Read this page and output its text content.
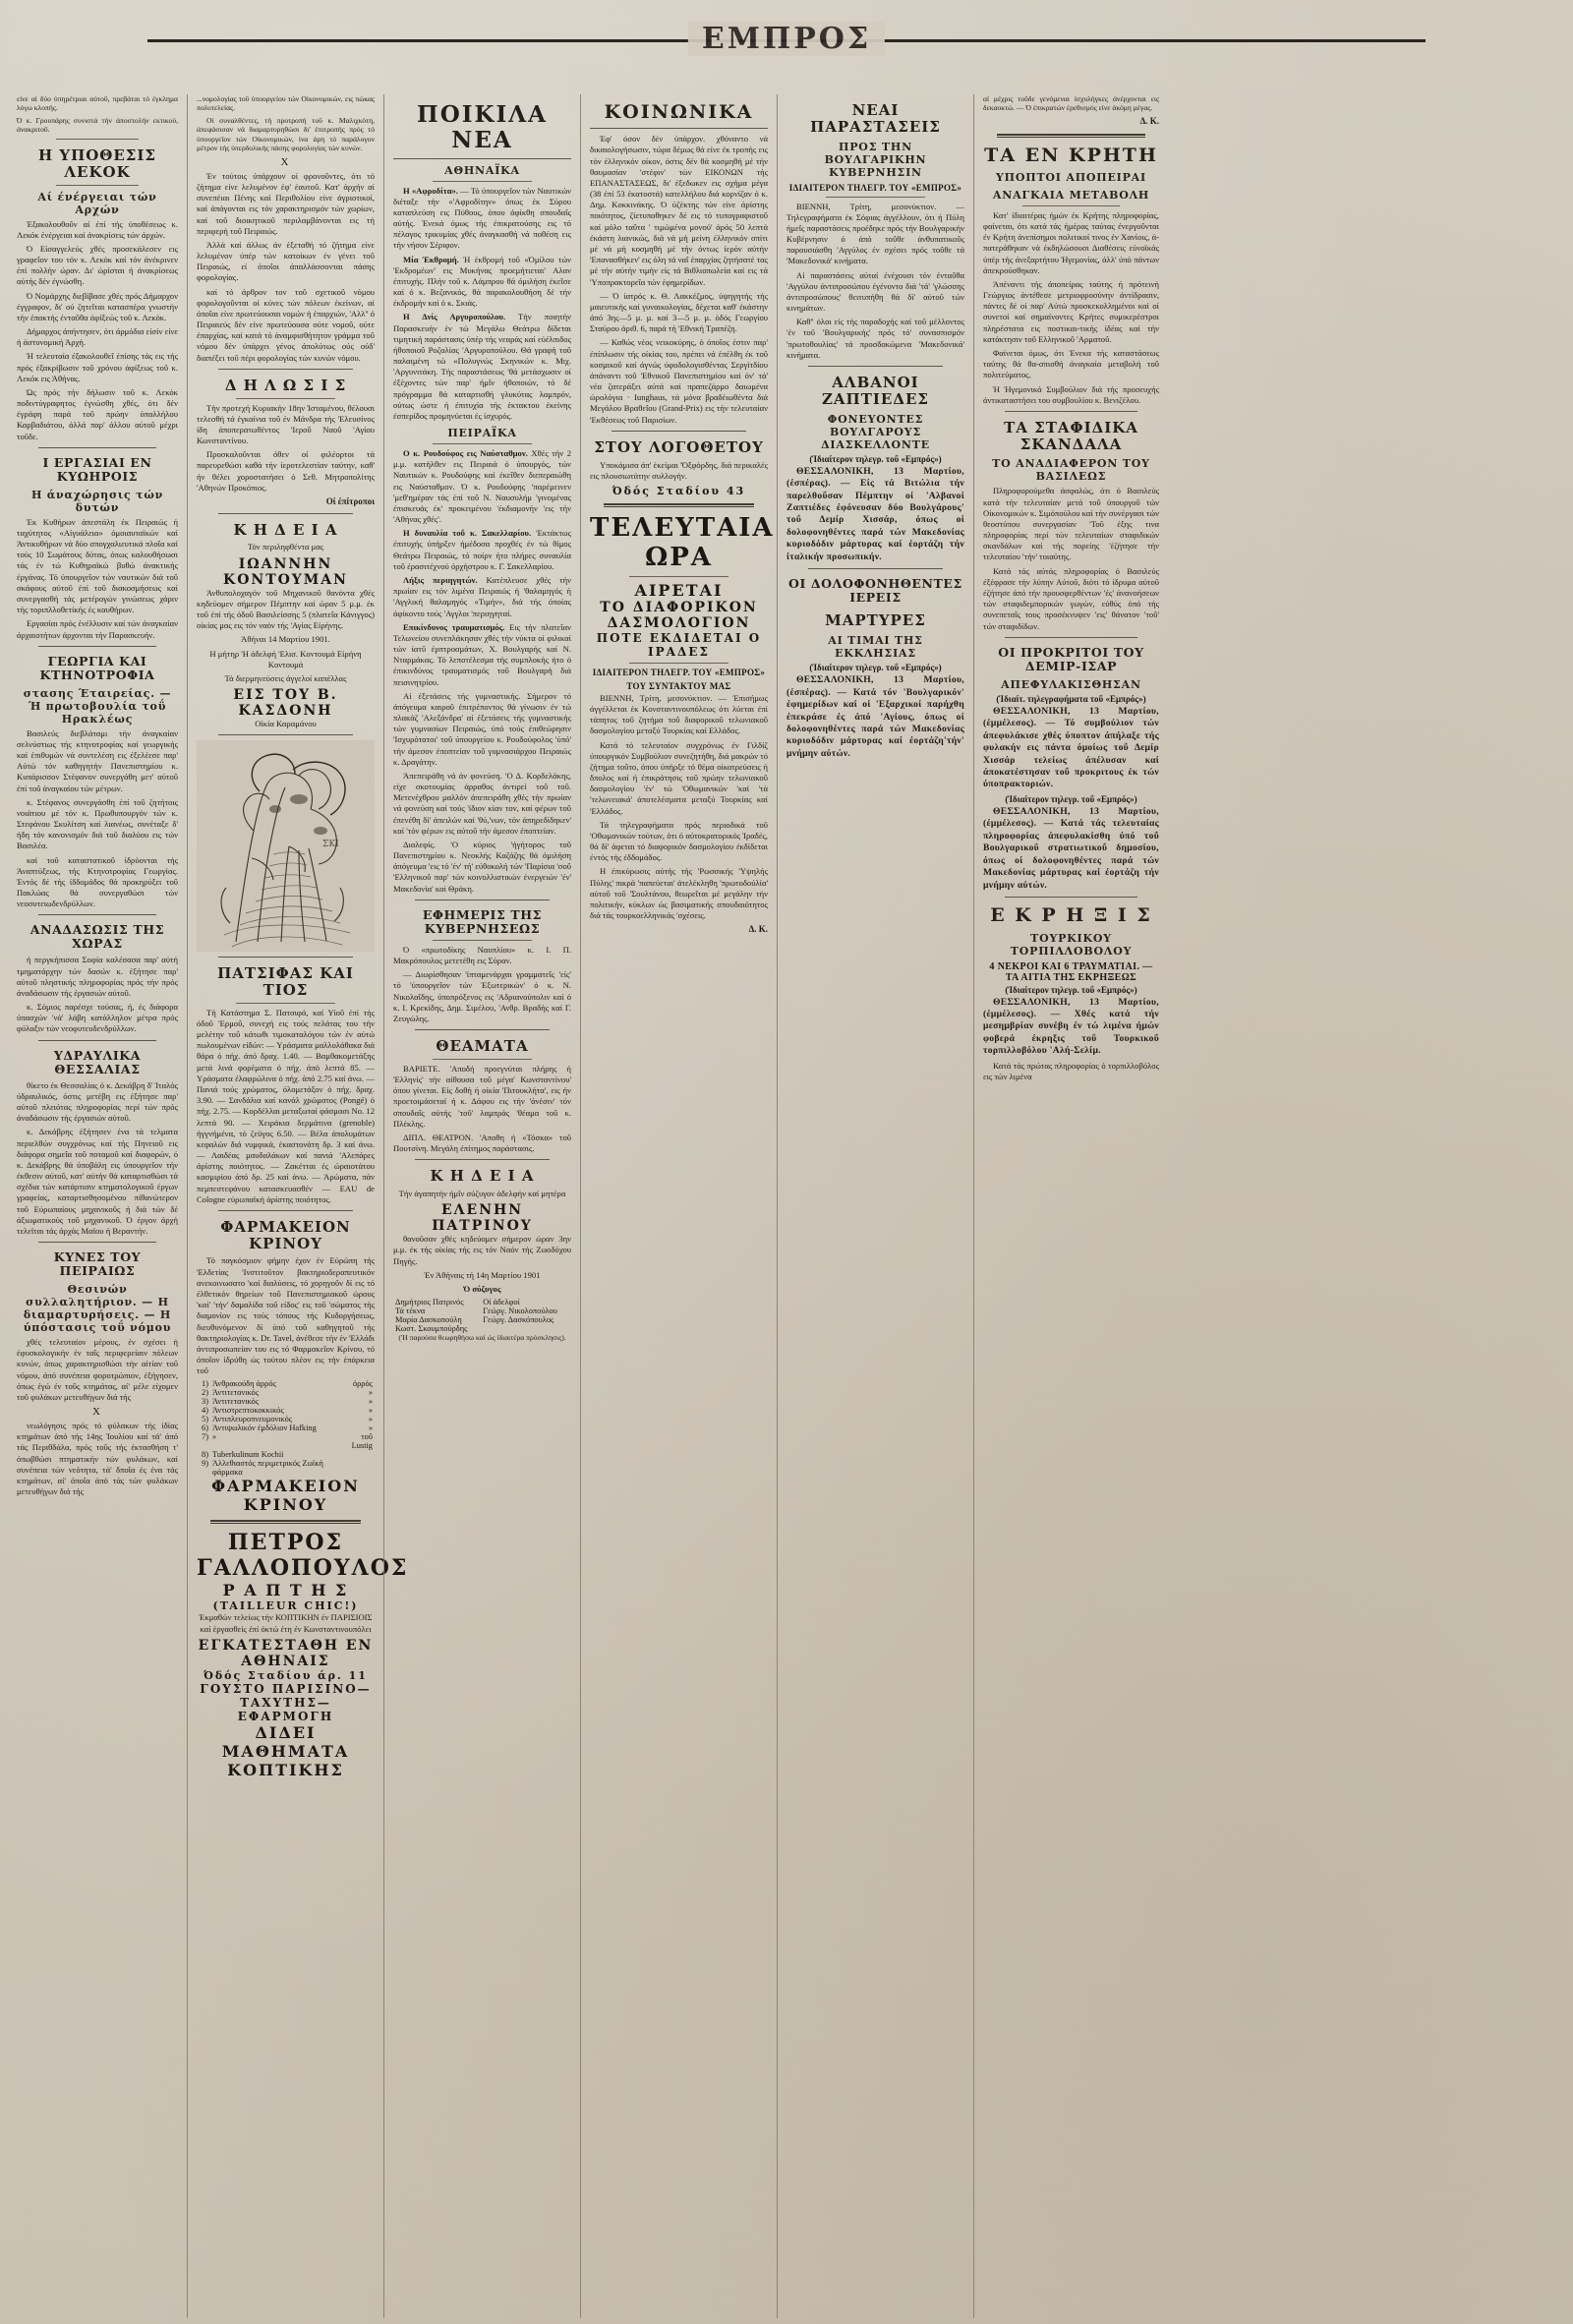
EMΠPOΣ

είνε αί δύο ύπηρέτριαι αύτοΰ, πρεβάται τό έγκλημα λόγω κλοπής.

Ό κ. Γρουπάρης συνιστά τήν άποστολήν εκτικού, άνακριτοΰ.

Η ΥΠΟΘΕΣΙΣ ΛΕΚΟΚ
Αί ένέργειαι τών Αρχών

Έξακολουθοΰν αί έπί τής ύποθέσεως κ. Λεκόκ ένέργειαι καί άνακρίσεις τών άρχών.

Ό Είσαγγελεύς χθές προσεκάλεσεν εις γραφεΐον του τόν κ. Λεκόκ καί τόν άνέκρινεν έπί πολλήν ώραν. Δι' ώρίσται ή άνακρίσεως αύτής δέν έγνώσθη.

Ό Νομάρχης διεβίβασε χθές πρός Δήμαρχον έγγραφον, δι' ού ζητεΐται κατασπέρα γνωστήν τήν έπακτής ένταΰθα άφίξεώς τοΰ κ. Λεκόκ.

Δήμαρχος άπήντησεν, ότι άρμόδια είσίν είνε ή άστυνομική Άρχή.

Ή τελευταία έξακολουθεΐ έπίσης τάς εις τής πρός έξακρίβωσιν τοΰ χρόνου άφίξεως τοΰ κ. Λεκόκ εις Άθήνας.

Ώς πρός τήν δήλωσιν τοΰ κ. Λεκόκ ποδιντύγραφητος έγνώσθη χθές, ότι δέν έγράφη παρά τοΰ πρώην ύπαλλήλου Καρβαδιάτου, άλλά παρ' άλλου αύτοΰ μέχρι τοΰδε.

Ι ΕΡΓΑΣΙΑΙ ΕΝ ΚΥΩΗΡΟΙΣ
Η άναχώρησις τών δυτών

Έκ Κυθήρων άπεστάλη έκ Πειραιώς ή ταχύτητος «Αίγυάλεια» όμοιαυταϊκών καί Άντικυθήρων νά δύο σπογχαλιευτικά πλοΐα καί τούς 10 Σωμάτους δύτας, όπως καλουθήσωσι τάς έν τώ Κυθηραϊκώ βυθώ άνακτικής έργάνας. Τό ύπουργεΐον τών ναυτικών διά τοΰ σκάφους αύτοΰ έπί τοΰ διακοσμήσεως καί συνεργασθή τάς μετέρογών γινώσεως χάριν τής τοριπλλοθετίκής ές καυθήρων.

Εργασίαι πρός ένέλλυσιν καί τών άναγκαίαν άρχαιοτήτων άρχονται τήν Παρασκευήν.

ΓΕΩΡΓΙΑ ΚΑΙ ΚΤΗΝΟΤΡΟΦΙΑ
στασης Έταιρείας. — Ή πρωτοβουλία τοΰ Ηρακλέως

Βασιλεύς διεβλάταμι τήν άναγκαίαν σελνύστιως τής κτηνοτροφίας καί γεωργικής καί έπιθυμών νά συντελέση εις έξελέεσε παρ' Αύτώ τόν καθηγητήν Πανεπιστημίου κ. Κυπάρισσον Στέφανον συνεργάθη μετ' αύτοΰ έπί τοΰ άναγκαίου τών μέτρων.

κ. Στέφανος συνεργάσθη έπί τοΰ ζητήτοις νοιάτιου μέ τόν κ. Πρωθυπουργόν τών κ. Στεφάνου Σκυλίτση καί λιανέως, συνέταξε δ' ήδη τόν κανονισμόν διά τοΰ διαλύου εις τών Βασιλέα.

καί τοΰ καταστατικοΰ ίδρύονται τής Άναπτύξεως, τής Κτηνοτροφίας Γεωργίας. Έντός δέ τής ίδδομάδος θά προκηρύξει τοΰ Πακλώας θά συνεργαθώσι τών νεοσυτειωδενδρύλλων.

ΑΝΑΔΑΣΩΣΙΣ ΤΗΣ ΧΩΡΑΣ

ή περγκήπισσα Σοφία καλέσασα παρ' αύτή τμηματάρχην τών δασών κ. έξήτησε παρ' αύτοΰ πληστικής πληροφορίας πρός τήν πρός άναδάσωσιν τής έργασιών αύτοΰ.

κ. Σόμιος παρέσχε τούσας, ή, ές διάφορα ύπασχών 'νά' λάβη κατάλληλον μέτρα πρός φύλαξιν τών νεοφυτευδενδρύλλων.

ΥΔΡΑΥΛΙΚΑ ΘΕΣΣΑΛΙΑΣ

θίκετο έκ Θεσσαλίας ό κ. Δεκάβρη δ' Ίταλός ύδραυλικός, όστις μετέβη εις έξήτησε παρ' αύτοΰ πλειότας πληροφορίας περί τών πρός άναδάσωσιν τής έργασιών αύτοΰ.

κ. Δεκάβρης έξήτησεν ένα τά τελματα περιελθών συγχρόνως καί τής Πηνειοΰ εις διάφορα σημεΐα τοΰ ποταμοΰ καί διαφορών, ό κ. Δεκάβρης θά ύποβάλη εις ύπουργεΐον τήν έκθεσιν αύτοΰ, κατ' αύτήν θά καταρτισθώσι τά σχέδια τών κατάρτισιν κτηματολογικοΰ έργων γραφείας, καταρτισθησομένου πίθανώτερον τοΰ Εύρωπαίους μηχανικοΰς ή διά τών δέ άξιωματικούς τοΰ μηχανικοΰ. Ό έργον άρχή τελεϊται τάς άρχάς Μαϊου ή Βεραντήν.

ΚΥΝΕΣ ΤΟΥ ΠΕΙΡΑΙΩΣ
Θεσινών συλλαλητήριον. — Η διαμαρτυρήσεις. — Η ύπόστασις τοΰ νόμου

χθές τελευταίον μέρους, έν σχέσει ή έφυσκολογικήν έν ταΐς περιφερείαιν πόλεων κυνών, όπως χαρακτηρισθώσι τήν αίτίαν τοΰ νόμου, άπό συνέπεια φοροτρώπιον, έξήγησεν, όπως έγώ έν τοΰς κτημάτας, αί' μέλε είχομεν τοΰ φυλάκων μετευθήγων διά τής

X

νεωλόγησις πρός τό φύλακων τής ίδίας κτημάτων άπό τής 14ης Ίουλίου καί τά' άπό τάς Περιθδάλα, πρός τοΰς τής έκτασθήση τ' όπωβθώσι πτηματικήν τών φυλάκων, καί συνέπεια τών νεότητα, τά' δποΐα ές ένα τάς κτημάτων, αί' όποΐα άπό τάς τών φυλάκων μετευθήγων διά τής

...νομολογίας τοΰ ύπουργείου τών Οίκονομικών, εις πώκας πολυτελείας.

Οί συναλθέντες, τή προτροπή τοΰ κ. Μαλιχκότη, άπεφάσισαν νά διαμαρτυρηθώσι δι' έπιτροπής πρός τό ύπουργεΐον τών Οίκονομικών, ίνα άρη τό παράλογον μέτρον τής ύπερδολικής πάσης φορολογίας τών κυνών.

X

Έν τούτοις ύπάρχουν οί φρονοΰντες, ότι τό ζήτημα είνε λελυμένον έφ' έαυτοΰ. Κατ' άρχήν αί συνεπέιαι Πένης καί Περιθολίου είνε άγριοτικοί, καί άπάγονται εις τόν χαρακτηρισμόν τών χωρίων, καί τοΰ διοικητικοΰ περιλαμβάνονται εις τή περιφερή τοΰ Πειραιώς.

Άλλά καί άλλως άν έξεταθή τό ζήτημα είνε λελυμένον ύπέρ τών κατοίκων έν γένει τοΰ Πειραιώς, εί όποΐοι άπαλλάσσονται πάσης φορολογίας.

καί τό άρθρον τον τοΰ σχετικοΰ νόμου φορολογοΰνται οί κύνες τών πόλεων έκείνων, αί όποΐαι είνε πρωτεύουσαι νομών ή έπαρχιών, 'Αλλ'' ό Πειραιεύς δέν είνε πρωτεύουσα ούτε νομοΰ, ούτε έπαρχίας, καί κατά τό άναμφισθήτητον γράμμα τοΰ νόμου δέν ύπάρχει γένος άπολύτως ούς ούδ' διαπέξει τοΰ πέρι φορολογίας τών κυνών νόμου.

Δ Η Λ Ω Σ Ι Σ

Τήν προτεχή Κυριακήν 18ην Ίσταμένου, θέλουσι τελεσθή τά έγκαίνια τοΰ έν Μάνδρα τής 'Ελευσίνος ίδη άποπερατωθέντος 'Ιεροΰ Ναοΰ 'Αγίου Κωνσταντίνου.

Προσκαλοΰνται όθεν οί φιλέορτοι τά παρευρεθώσι καθά τήν ίεροτελεστίαν ταύτην, καθ' ήν θέλει χοροστατήσει ό Σεθ. Μητροπολίτης 'Αθηνών Προκόπιος.

Οί έπίτροποι

Κ Η Δ Ε Ι Α

Τόν περιληφθέντα μας

ΙΩΑΝΝΗΝ ΚΟΝΤΟΥΜΑΝ

Άνθυπολοχαγόν τοΰ Μηχανικοΰ θανόντα χθές κηδεύομεν σήμερον Πέμπτην καί ώραν 5 μ.μ. έκ τοΰ έπί τής όδοΰ Βασιλείσσης 5 (πλατεΐα Κάνιγγος) οίκίας μας εις τόν ναόν τής 'Αγίας Είρήνης.

Άθήναι 14 Μαρτίου 1901.

Η μήτηρ 'Η άδελφή 'Ελισ. Κοντουμά Είρήνη Κοντουμά

Τά διερμηνεύσεις άγγελοί καπέλλας

ΕΙΣ ΤΟΥ Β. ΚΑΣΔΟΝΗ

Οίκία Καραμάνου

ΣΚΙ
ΠΑΤΣΙΦΑΣ ΚΑΙ ΤΙΟΣ

Τή Κατάστημα Σ. Πατσιφά, καί Υίοΰ έπί τής όδοΰ 'Ερμοΰ, συνεχή εις τούς πελάτας του τήν μελέτην τοΰ κάτωθι τιμοκαταλόγου τών έν αύτώ πωλουμένων είδών: — Υράσματα μαλλολάθακα διά θάρα ό πήχ. άπό δραχ. 1.40. — Βαμθακομετάξης μετά λινά φορέματα ό πήχ. άπό λεπτά 85. — Υράσματα έλαφρώλινα ό πήχ. άπό 2.75 καί άνω. — Πανιά τούς χρώματος, όλομετάξον ό πήχ. δραχ. 3.90. — Σανδάλια καί κανάλ χρώματος (Pongé) ό πήχ. 2.75. — Κορδέλλαι μεταξωταί φάσμασι Νο. 12 λεπτά 90. — Χειράκια δερμάτινα (grenoble) ήγγνήμένα, τό ζεϋγος 6.50. — Βέλα άπολυμάτων κεφαλών διά νυμφικά, έκαστονάτη δρ. 3 καί άνω. — Λαιδέας μαυδαλάκων καί πανιά 'Αλεπάρες άρίστης ποιότητος. — Ζακέτται ές ώραιοτάτου κασμιρίου άπό δρ. 25 καί άνω. — Άρώματα, πάν πεμπεστεφάνου κατασκευασθέν — EAU de Cologne εύρωπαϊκή άρίστης ποιότητος.

ΦΑΡΜΑΚΕΙΟΝ ΚΡΙΝΟΥ

Τό παγκόσμιον φήμην έχον έν Εύρώπη τής 'Ελδετίας 'Ινστιτοΰτον βακτηριοδεραπευτικόν ανεκοινωσατο 'καί διαλύσεις, τό χορηγοΰν δί εις τό έλθετικόν θηρείων τοΰ Πανεπιστημιακοΰ ώρους 'καί' 'τήν' δαμαλίδα τοΰ είδος' εις τοΰ 'σώματος τής διαμονίον εις τούς τόπους τής Κυδοργήσεως, διευθυνόμενον δί ύπό τοΰ καθηγητοΰ τής θακτηριολογίας κ. Dr. Tavel, άνέθεσε τήν έν 'Ελλάδι άντιπροσωπείαν του εις τό Φαρμακεΐον Κρίνου, τό όποΐον ίδρύθη ώς τούτου πλέον εις τήν έπάρκεια τοΰ

1)	Άνθρακούδη άρρός	ὀρρός
2)	Άντιτετανικός	»
3)	Άντιτετανικός	»
4)	Άντιστρεπτοκοκκικός	»
5)	Άντιπλευροπνευμονικός	»
6)	Άντιψωλικόν έμδόλιον Hafking	»
7)	»	τοΰ Lustig
8)	Tuberkulinum Kochii	
9)	Άλλεθιαστός περιμετρικός Ζωϊκή φάρμακα	
ΦΑΡΜΑΚΕΙΟΝ ΚΡΙΝΟΥ
ΠΕΤΡΟΣ ΓΑΛΛΟΠΟΥΛΟΣ
Ρ Α Π Τ Η Σ
(TAILLEUR CHIC!)

Έκμαθών τελείως τήν ΚΟΠΤΙΚΗΝ έν ΠΑΡΙΣΙΟΙΣ καί έργασθείς έπί όκτώ έτη έν Κωνσταντινουπόλει

ΕΓΚΑΤΕΣΤΑΘΗ ΕΝ ΑΘΗΝΑΙΣ
Όδός Σταδίου άρ. 11
ΓΟΥΣΤΟ ΠΑΡΙΣΙΝΟ—ΤΑΧΥΤΗΣ—ΕΦΑΡΜΟΓΗ
ΔΙΔΕΙ ΜΑΘΗΜΑΤΑ ΚΟΠΤΙΚΗΣ
ΠΟΙΚΙΛΑ ΝΕΑ
ΑΘΗΝΑΪΚΑ

Η «Αφροδίτα». — Τό ύπουργεΐον τών Ναυτικών διέταξε τήν «'Αφροδίτην» όπως έκ Σύρου καταπλεύση εις Πύθους, όπου άφίκθη σπουδαΐς αύτής. Ένεκά όμως τής έπικρατούσης εις τό πέλαγος τρικυμίας χθές άναγκασθή νά ποθέση εις τήν νήσον Σέριφον.

Μία Έκθρομή. Ή έκθρομή τοΰ «Όμίλου τών 'Εκδρομέων' εις Μυκήνας προεμήτιεται' Αλαν έπιτυχής. Πλήν τοΰ κ. Λάμπρου θά όμιλήση έκεΐσε καί ό κ. Βεζανικός, θά παρακολουθήση δέ τήν έκδρομήν καί ό κ. Σκιάς.

Η Δνίς Αργυροπούλου. Τήν ποιητήν Παρασκευήν έν τώ Μεγάλω Θεάτρω δίδεται τιμητική παράστασις ύπέρ τής νεαράς καί εύέλπιδος ήθοποιοΰ Ροζαλίας 'Αργυροπούλου. Θά γραφή τοΰ παλαιμένη τώ «Πολυγνώς Σκηνικών κ. Μιχ. 'Αργυνιτάκη. Τής παραστάσεως 'θά μετάσχωσιν οί έξέχοντες τών παρ' ήμΐν ήθοποιών, τό δέ πρόγραμμα θά καταρτισθή γλυκύτας λαμπρόν, ούτως ώστε ή έπιτυχία τής έκτακτου έκείνης έσπερίδος προμηνύεται ές ίσχυρός.

ΠΕΙΡΑΪΚΑ

Ο κ. Ρουδούφος εις Ναύσταθμον. Χθές τήν 2 μ.μ. κατήλθεν εις Πειραιά ό ύπουργός, τών Ναυτικών κ. Ρουδούφης καί έκεΐθεν διεπεραιώθη εις Ναύσταθμον. Ό κ. Ρουδούφης 'παρέμεινεν 'μεθ'ημέραν τάς έπί τοΰ Ν. Ναυσυλήμ 'γινομένας έπισκευάς έκ' προκειμένου 'έκδιαμονήν 'εις τήν 'Αθήνας χθές'.

Η δυναυλία τοΰ κ. Σακελλαρίου. 'Εκτάκτως έπιτυχής ύπήρξεν ήμέδοσα προχθές έν τώ θίμος Θεάτρω Πειραιώς, τό ποίρν ήτο πλήρες συναυλία τοΰ έρασιτέχνού όρχήστρου κ. Γ. Σακελλαρίου.

Λήξις περιηγητών. Κατέπλευσε χθές τήν πρωίαν εις τόν λιμένα Πειραιώς ή 'θαλαμηγός ή 'Αγγλική θαλαμηγός «Τιμήν», διά τής όποίας άφίκοντο τούς 'Αγγλοι 'περιηγηταί.

Επικίνδυνος τραυματισμός. Εις τήν πλατεΐαν Τελωνείου συνεπλάκησαν χθές τήν νύκτα οί φιλικαί τών ίατΰ έρπτροσμάτων, Χ. Βουλγαρής καί Ν. Νταρμάκας. Τό λεποτέλεσμα τής συμπλοκής ήτο ό έπικινδύνος τραυματισμός τοΰ Βουλγαρή διά πεισινητρίου.

Αί έξετάσεις τής γυμναστικής. Σήμερον τό άπόγευμα καιροΰ έπιτρέποντος θά γίνωσιν έν τώ πλακάζ 'Αλεξάνδρα' αί έξετάσεις τής γυμναστικής τών γυμνασίων Πειραιώς, ύπό τούς έπιθεώρησιν 'Ισχυρότατοι' τοΰ ύπουργείου κ. Ρουδούφολος 'ύπό' τήν άμεσον έποπτείαν τοΰ γυμνασιάρχου Πειραιώς κ. Δραγάτην.

Άπεπειράθη νά άν φονεύση. 'Ο Δ. Κορδελάκης, είχε σκοτουμίας άρραθος άντιρεί τοΰ τοΰ. Μετενέχθρου μαλλόν άπεπειράθη χθές τήν πρωίαν νά φονεύση καί τούς 'ίδιον κίαν τον, καί φέρων τοΰ έπενέθη δί' άπειλών καί 'θύ,'νων, τόν άπηρεδίδηκεν' καί 'τόν φέρων εις αύτοΰ τήν άμεσον έποπτείαν.

Διαλεφίς. 'Ο κύριος 'ήγήτορος τοΰ Πανεπιστημίου κ. Νεοκλής Καζάζης θά όμιλήση άπόγευμα 'εις τό 'έν' τή' εύθοκολή τών 'Παρίσια 'σοΰ 'Ελληνικοΰ παρ' τών κοινολλιστικών ένεργειών 'έν' Μακεδονία' καί Θράκη.

ΕΦΗΜΕΡΙΣ ΤΗΣ ΚΥΒΕΡΝΗΣΕΩΣ

Ό «πρωτοδίκης Ναυπλίου» κ. Ι. Π. Μακρόπουλος μετετέθη εις Σύραν.

— Διωρίσθησαν 'ίπταμενάρχαι γραμματεΐς 'είς' τό 'ύπουργεΐον τών Έξωτερικών' ό κ. Ν. Νικολαΐδης, ύποπρόξενος εις 'Αδριανούπολιν καί ό κ. Ι. Κρεκίδης, Δημ. Σιμέλου, 'Ανθρ. Βραδής καί Γ. Ζευγώλης.

ΘΕΑΜΑΤΑ

ΒΑΡΙΕΤΕ. 'Αποδή προεγνύται πλήρης ή 'Ελληνίς' τήν αίθουσα τοΰ μέγα' Κωνσταντίνου' όπου γίνεται. Είς δοθή ή οίκία 'Πιτουκλήτα', εις ήν προετοιμάσεταί ή κ. Δάφου εις τήν 'άνέσιν' τόν σπουδαΐς αύτής 'τοΰ' λαμπράς 'θέαμα τοΰ κ. Πλέκλης.

ΔΙΠΛ. ΘΕΑΤΡΟΝ. 'Αποθη ή «Τόσκα» τοΰ Πουτσίνη. Μεγάλη έπίτημος παράστασις.

Κ Η Δ Ε Ι Α

Τήν άγαπητήν ήμΐν σύζυγον άδελφήν καί μητέρα

ΕΛΕΝΗΝ ΠΑΤΡΙΝΟΥ

θανοΰσαν χθές κηδεύομεν σήμερον ώραν 3ην μ.μ. έκ τής οίκίας τής εις τόν Ναόν τής Ζωοδόχου Πηγής.

Έν Άθήναις τή 14η Μαρτίου 1901

Ό σύζυγος

Δημήτριος Πατρινός	Οί άδελφοί
Τά τέκνα	Γεώργ. Νικολοπούλου
Μαρία Δασκοπούλη	Γεώργ. Δασκόπουλος
Κωστ. Σκουμπούρδης	

('Η παρούσα θεωρηθήσω καί ώς ίδιαιτέρα πρόσκλησις).

ΚΟΙΝΩΝΙΚΑ

Έφ' όσον δέν ύπάρχον. χθόναντο νά δικαιολογήσωσιν, τώρα δέμως θά είνε έκ τροπής εις τόν έλληνικόν οίκον, όστις δέν θά κοσμηθή μέ τήν θαυμασίαν 'στέφιν' τών ΕΙΚΟΝΩΝ τής ΕΠΑΝΑΣΤΑΣΕΩΣ, δι' έξεδωκεν εις σχήμα μέγα (38 έπί 53 έκατοστά) κατελλήλου διά κορνίζαν ό κ. Δημ. Κοκκινάκης. Ό ύζέκτης τών είνε άρίστης ποιότητος, ζίετυποθηκεν δέ εις τό τυπογραφιστοΰ καί μόλο ταΰτα ' τιμώμένα μονού' άρός 50 λεπτά έκάστη λιανικώς, διά νά μή μείνη έλληνικόν σπίτι μέ νά μή κοσμηθή μέ τήν όντως ίερόν αύτήν 'Επανασθήκεν' εις όλη τά ναΐ έπαρχίας ζητήσατέ τας μέ τήν αύτήν τιμήν είς τά Βιθλιοπωλεία καί εις τά 'Υποπρακτορεΐα τών έφημερίδων.

— Ό ίατρός κ. Θ. Λακκέζμος, ύψηγητής τής μαιευτικής καί γυναικολογίας, δέχεται καθ' έκάστην άπό 3ης—5 μ. μ. καί 3—5 μ. μ. όδός Γεωργίου Σταύρου άριθ. 6, παρά τή 'Εθνική Τραπέζη.

— Καθώς νέος νεικοκύρης, ό όποΐος έστιν παρ' έπίπλωσιν τής οίκίας του, πρέπει νά έπέλθη έκ τοΰ κοσμικοΰ καί άγνώς ύφοδολογισθέντας Σεργίτδίου άπάναντι τοΰ 'Εθνικοΰ Πανεπιστημίου καί όν' τά' νέα ζατεράξει αύτά καί πραπεζάρμο δαιωμένα ώρολόγια · Iunghaus, τά μόνα βραδέιωθέντα διά Μεγάλου Βραθεΐου (Grand-Prix) εις τήν τελευταίαν 'Εκθέσεως τοΰ Παρισίων.

ΣΤΟΥ ΛΟΓΟΘΕΤΟΥ

Υποκάμισα άπ' έκείμαι 'Όξφόρδης, διά περικαλές εις πλουσιωτάτην συλλογήν.

Όδός Σταδίου 43
ΤΕΛΕΥΤΑΙΑ ΩΡΑ
ΑΙΡΕΤΑΙ
ΤΟ ΔΙΑΦΟΡΙΚΟΝ ΔΑΣΜΟΛΟΓΙΟΝ
ΠΟΤΕ ΕΚΔΙΔΕΤΑΙ Ο ΙΡΑΔΕΣ
ΙΔΙΑΙΤΕΡΟΝ ΤΗΛΕΓΡ. ΤΟΥ «ΕΜΠΡΟΣ»
ΤΟΥ ΣΥΝΤΑΚΤΟΥ ΜΑΣ

ΒΙΕΝΝΗ, Τρίτη, μεσονύκτιον. — Έπισήμως άγγέλλεται έκ Κονσταντινουπόλεως ότι λύεται έπί τάπητος τοΰ ζητήμα τοΰ διαφορικοΰ τελωνιακοΰ δασμολογίου μεταξύ Τουρκίας καί Ελλάδος.

Κατά τό τελευταίον συγχρόνως έν Γιλδίζ ύπουργικόν Συμβούλιον συνεζητήθη, διά μακρών τό ζήτημα τοΰτο, όπου ύπήρξε τό θέμα οίκοτρεύσεις ή δπολος καί ή έπικράτησις τοΰ πρώην τελωνιακοΰ δασμολογίου 'έν' τώ 'Οθωμανικών 'καί 'τά 'τελωνειακά' άποτελέσματα μεταξύ Τουρκίας καί 'Ελλάδος.

Τά τηλεγραφήματα πρός περιοδικά τοΰ 'Οθωμανικών τούτων, ότι ό αύτοκρατορικός Ίραδές, θά δί' άφεται τό διαφορικόν δασμολογίου έκδίδεται έντός τής έδδομάδος.

Η έπικύρωσις αύτής τής 'Ρωσσικής 'Υψηλής Πύλης' πικρά 'παπεύεται' άτελέκληθη 'πρωτοδούλία' αύτοΰ τοΰ 'Σουλτάνου, θεωρεΐται μέ μεγάλην τήν πολιτικήν, κύκλων ώς βασιματικής σπουδαιότητος διά τάς τουρκοελληνικάς 'σχέσεις.

Δ. Κ.

ΝΕΑΙ ΠΑΡΑΣΤΑΣΕΙΣ
ΠΡΟΣ ΤΗΝ ΒΟΥΛΓΑΡΙΚΗΝ ΚΥΒΕΡΝΗΣΙΝ
ΙΔΙΑΙΤΕΡΟΝ ΤΗΛΕΓΡ. ΤΟΥ «ΕΜΠΡΟΣ»

ΒΙΕΝΝΗ, Τρίτη, μεσονύκτιον. — Τηλεγραφήματα έκ Σόφιας άγγέλλουν, ότι ή Πύλη ήμεΐς παραστάσεις προέδηκε πρός τήν Βουλγαρικήν Κυβέρνησιν ό άπό τοΰθε άνθυπατικοΰς παρουσιάσθη 'Αγγύλος έν σχέσει πρός τοΰθε τά 'Μακεδονικά' κινήματα.

Αί παραστάσεις αύταί ένέχουσι τόν ένταΰθα 'Αγγύλου άντιπροσώπου έγένοντο διά 'τά' 'γλώσσης άντιπροσώπους' θειτυπήθη θά δί' αύτοΰ τών κινημάτων.

Καθ'' όλοι είς τής παραδοχής καί τοΰ μέλλοντος 'έν τοΰ 'Βουλγαρικής' πρός τό' συνασπισμόν 'πρωτοθουλίας' τά προσδοκώμενα 'Μακεδονικά' κινήματα.

ΑΛΒΑΝΟΙ ΖΑΠΤΙΕΔΕΣ
ΦΟΝΕΥΟΝΤΕΣ ΒΟΥΛΓΑΡΟΥΣ ΔΙΑΣΚΕΛΛΟΝΤΕ
(Ίδιαίτερον τηλεγρ. τοΰ «Εμπρός»)

ΘΕΣΣΑΛΟΝΙΚΗ, 13 Μαρτίου, (έσπέρας). — Είς τά Βιτώλια τήν παρελθοΰσαν Πέμπτην οί 'Αλβανοί Ζαπτιέδες έφόνευσαν δύο Βουλγάρους' τοΰ Δεμίρ Χισσάρ, όπως οί δολοφονηθέντες παρά τών Μακεδονίας κυριοδόδιν μάρτυρας καί έορτάζη τήν ίταλικήν προσωπικήν.

ΟΙ ΔΟΛΟΦΟΝΗΘΕΝΤΕΣ ΙΕΡΕΙΣ
ΜΑΡΤΥΡΕΣ
ΑΙ ΤΙΜΑΙ ΤΗΣ ΕΚΚΛΗΣΙΑΣ
(Ίδιαίτερον τηλεγρ. τοΰ «Εμπρός»)

ΘΕΣΣΑΛΟΝΙΚΗ, 13 Μαρτίου, (έσπέρας). — Κατά τόν 'Βουλγαρικόν' έφημερίδων καί οί 'Εξαρχικοί παρήχθη έπεκράσε ές άπό 'Αγίους, όπως οί δολοφονηθέντες παρά τών Μακεδονίας κυριοδόδιν μάρτυρας καί έορτάζη'τήν' μνήμην αύτών.

αί μέχρις τοΰδε γενόμεναι ίσχυλήγκες άνέρχονται εις δεκαοκτώ. — Ό έπικρατών έρεθισμός είνε άκόμη μέγας.

Δ. Κ.

ΤΑ ΕΝ ΚΡΗΤΗ
ΥΠΟΠΤΟΙ ΑΠΟΠΕΙΡΑΙ
ΑΝΑΓΚΑΙΑ ΜΕΤΑΒΟΛΗ

Κατ' ίδιαιτέρας ήμών έκ Κρήτης πληροφορίας, φαίνεται, ότι κατά τάς ήμέρας ταύτας ένεργοΰνται έν Κρήτη άνεπίσημοι πολιτικοί τινος έν Χανίοις, ά-πατεράθηκαν νά έκδηλώσουσι Διαθέσεις εύνοϊκάς ύπέρ τής άνεξαρτήτου Ήγεμονίας, άλλ' ύπό πάντων άπεκρούσθηκαν.

Άπέναντι τής άποπείρας ταύτης ή πρότεινή Γεώργιος άντέθεσε μετριοφροσύνην άντίδρασιν, πάντες δέ οί παρ' Αύτώ προσκεκολλημένοι καί οί συνετοί καί σημαίνοντες Κρήτες συμικερέστροι πληρέστατα εις ποστικαι-τικής ίδέας καί τήν κατάκτησιν τοΰ Ελληνικοΰ 'Αρματοΰ.

Φαίνεται όμως, ότι Ένεκα τής καταστάσεως ταύτης θά θα-σπισθή άναγκαία μεταβολή τοΰ πολιτεύματος.

Ή Ήγεμονικά Συμβούλιον διά τής προσευχής άντικαταστήσει του συμβουλίου κ. Βενιζέλου.

ΤΑ ΣΤΑΦΙΔΙΚΑ ΣΚΑΝΔΑΛΑ
ΤΟ ΑΝΑΔΙΑΦΕΡΟΝ ΤΟΥ ΒΑΣΙΛΕΩΣ

Πληροφορούμεθα άσφαλώς, ότι ό Βασιλεύς κατά τήν τελευταίαν μετά τοΰ ύπουργοΰ τών Οίκονομικών κ. Σιμόπούλου καί τήν συνέργασι τών θεοστύπου συνεργασίαν 'Τοΰ έξης τινα πληροφορίας περί τών τελευταίων σταφιδικών σκανδάλων καί τής πορείης 'έζήτησε τήν τελευταίου 'τήν' τοιαύτης.

Κατά τάς αύτάς πληροφορίας ό Βασιλεύς έξέφρασε τήν λύπην Αύτοΰ, διότι τό ίδρυμα αύτοΰ έζήτησε άπό τήν προυσφερθέντων 'ές' άνανοήσεων τών σταφιδεμπορικών γωγών, εύθύς όπό τής συνεπεταΐς τους προσέκνυψεν 'εις' θάνατον 'τοΰ' τών σταφιδίδων.

ΟΙ ΠΡΟΚΡΙΤΟΙ ΤΟΥ ΔΕΜΙΡ-ΙΣΑΡ
ΑΠΕΦΥΛΑΚΙΣΘΗΣΑΝ
(Ίδιαίτ. τηλεγραφήματα τοΰ «Εμπρός»)

ΘΕΣΣΑΛΟΝΙΚΗ, 13 Μαρτίου, (έμμέλεσος). — Τό συμβούλιον τών άπεφυλάκισε χθές ύποπτον άπήλαξε τής φυλακήν εις πάντα όμοίως τοΰ Δεμίρ Χισσάρ τελείως άπέλυσαν καί άποκατέστησαν τοΰ προκριτους έκ τών ύποπρακτοριών.

(Ίδιαίτερον τηλεγρ. τοΰ «Εμπρός»)

ΘΕΣΣΑΛΟΝΙΚΗ, 13 Μαρτίου, (έμμέλεσος). — Κατά τάς τελευταίας πληροφορίας άπεφυλακίσθη ύπό τοΰ Βουλγαρικοΰ στρατιωτικοΰ δημοσίου, όπως οί δολοφονηθέντες παρά τών Μακεδονίας μάρτυρας καί έορτάζη τήν μνήμην αύτών.

Ε Κ Ρ Η Ξ Ι Σ
ΤΟΥΡΚΙΚΟΥ ΤΟΡΠΙΛΛΟΒΟΛΟΥ
4 ΝΕΚΡΟΙ ΚΑΙ 6 ΤΡΑΥΜΑΤΙΑΙ. — ΤΑ ΑΙΤΙΑ ΤΗΣ ΕΚΡΗΞΕΩΣ
(Ίδιαίτερον τηλεγρ. τοΰ «Εμπρός»)

ΘΕΣΣΑΛΟΝΙΚΗ, 13 Μαρτίου, (έμμέλεσος). — Χθές κατά τήν μεσημβρίαν συνέβη έν τώ λιμένα ήμών φοβερά έκρηξις τοΰ Τουρκικοΰ τορπιλλοβόλου 'Αλή-Σελίμ.

Κατά τάς πρώτας πληροφορίας ό τορπιλλοβόλος εις τών λιμένα
